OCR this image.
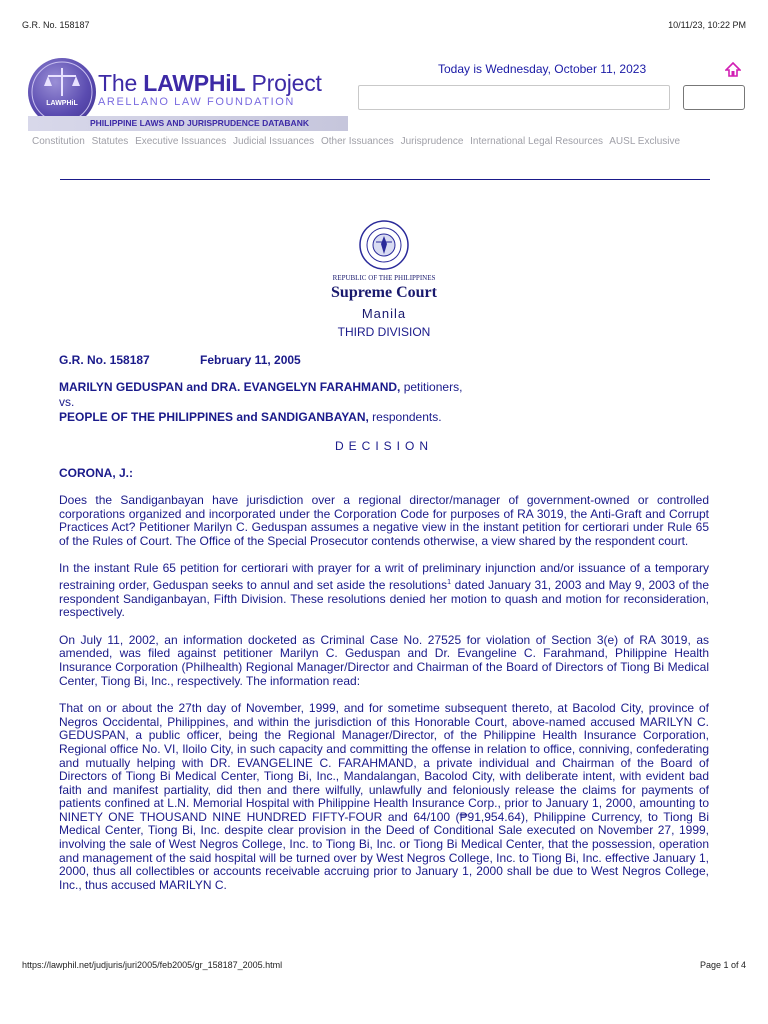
G.R. No. 158187	10/11/23, 10:22 PM
LAWPHiL
The LAWPHiL Project
ARELLANO LAW FOUNDATION
PHILIPPINE LAWS AND JURISPRUDENCE DATABANK
Today is Wednesday, October 11, 2023
Constitution Statutes Executive Issuances Judicial Issuances Other Issuances Jurisprudence International Legal Resources AUSL Exclusive
REPUBLIC OF THE PHILIPPINES
Supreme Court
Manila
THIRD DIVISION
G.R. No. 158187	February 11, 2005
MARILYN GEDUSPAN and DRA. EVANGELYN FARAHMAND, petitioners,
vs.
PEOPLE OF THE PHILIPPINES and SANDIGANBAYAN, respondents.
DECISION
CORONA, J.:

Does the Sandiganbayan have jurisdiction over a regional director/manager of government-owned or controlled corporations organized and incorporated under the Corporation Code for purposes of RA 3019, the Anti-Graft and Corrupt Practices Act? Petitioner Marilyn C. Geduspan assumes a negative view in the instant petition for certiorari under Rule 65 of the Rules of Court. The Office of the Special Prosecutor contends otherwise, a view shared by the respondent court.

In the instant Rule 65 petition for certiorari with prayer for a writ of preliminary injunction and/or issuance of a temporary restraining order, Geduspan seeks to annul and set aside the resolutions$^1$ dated January 31, 2003 and May 9, 2003 of the respondent Sandiganbayan, Fifth Division. These resolutions denied her motion to quash and motion for reconsideration, respectively.

On July 11, 2002, an information docketed as Criminal Case No. 27525 for violation of Section 3(e) of RA 3019, as amended, was filed against petitioner Marilyn C. Geduspan and Dr. Evangeline C. Farahmand, Philippine Health Insurance Corporation (Philhealth) Regional Manager/Director and Chairman of the Board of Directors of Tiong Bi Medical Center, Tiong Bi, Inc., respectively. The information read:

That on or about the 27th day of November, 1999, and for sometime subsequent thereto, at Bacolod City, province of Negros Occidental, Philippines, and within the jurisdiction of this Honorable Court, above-named accused MARILYN C. GEDUSPAN, a public officer, being the Regional Manager/Director, of the Philippine Health Insurance Corporation, Regional office No. VI, Iloilo City, in such capacity and committing the offense in relation to office, conniving, confederating and mutually helping with DR. EVANGELINE C. FARAHMAND, a private individual and Chairman of the Board of Directors of Tiong Bi Medical Center, Tiong Bi, Inc., Mandalangan, Bacolod City, with deliberate intent, with evident bad faith and manifest partiality, did then and there wilfully, unlawfully and feloniously release the claims for payments of patients confined at L.N. Memorial Hospital with Philippine Health Insurance Corp., prior to January 1, 2000, amounting to NINETY ONE THOUSAND NINE HUNDRED FIFTY-FOUR and 64/100 (₱91,954.64), Philippine Currency, to Tiong Bi Medical Center, Tiong Bi, Inc. despite clear provision in the Deed of Conditional Sale executed on November 27, 1999, involving the sale of West Negros College, Inc. to Tiong Bi, Inc. or Tiong Bi Medical Center, that the possession, operation and management of the said hospital will be turned over by West Negros College, Inc. to Tiong Bi, Inc. effective January 1, 2000, thus all collectibles or accounts receivable accruing prior to January 1, 2000 shall be due to West Negros College, Inc., thus accused MARILYN C.

https://lawphil.net/judjuris/juri2005/feb2005/gr_158187_2005.html	Page 1 of 4
